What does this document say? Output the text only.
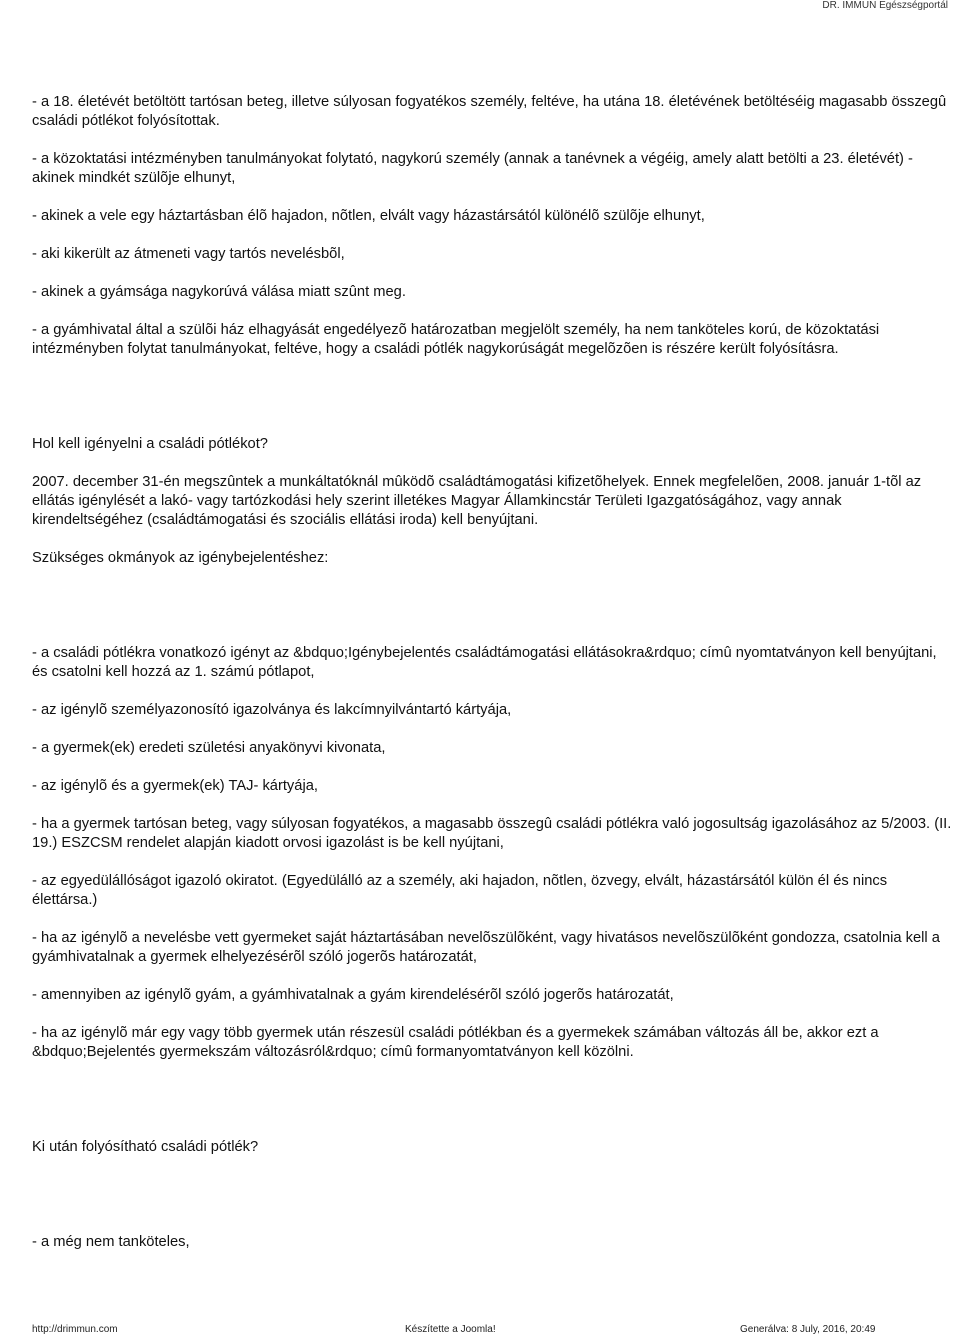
DR. IMMUN Egészségportál

- a 18. életévét betöltött tartósan beteg, illetve súlyosan fogyatékos személy, feltéve, ha utána 18. életévének betöltéséig magasabb összegû családi pótlékot folyósítottak.

- a közoktatási intézményben tanulmányokat folytató, nagykorú személy (annak a tanévnek a végéig, amely alatt betölti a 23. életévét) - akinek mindkét szülõje elhunyt,

- akinek a vele egy háztartásban élõ hajadon, nõtlen, elvált vagy házastársától különélõ szülõje elhunyt,

- aki kikerült az átmeneti vagy tartós nevelésbõl,

- akinek a gyámsága nagykorúvá válása miatt szûnt meg.

- a gyámhivatal által a szülõi ház elhagyását engedélyezõ határozatban megjelölt személy, ha nem tanköteles korú, de közoktatási intézményben folytat tanulmányokat, feltéve, hogy a családi pótlék nagykorúságát megelõzõen is részére került folyósításra.

Hol kell igényelni a családi pótlékot?

2007. december 31-én megszûntek a munkáltatóknál mûködõ családtámogatási kifizetõhelyek. Ennek megfelelõen, 2008. január 1-tõl az ellátás igénylését a lakó- vagy tartózkodási hely szerint illetékes Magyar Államkincstár Területi Igazgatóságához, vagy annak kirendeltségéhez (családtámogatási és szociális ellátási iroda) kell benyújtani.

Szükséges okmányok az igénybejelentéshez:

- a családi pótlékra vonatkozó igényt az &bdquo;Igénybejelentés családtámogatási ellátásokra&rdquo; címû nyomtatványon kell benyújtani, és csatolni kell hozzá az 1. számú pótlapot,

- az igénylõ személyazonosító igazolványa és lakcímnyilvántartó kártyája,

- a gyermek(ek) eredeti születési anyakönyvi kivonata,

- az igénylõ és a gyermek(ek) TAJ- kártyája,

- ha a gyermek tartósan beteg, vagy súlyosan fogyatékos, a magasabb összegû családi pótlékra való jogosultság igazolásához az 5/2003. (II. 19.) ESZCSM rendelet alapján kiadott orvosi igazolást is be kell nyújtani,

- az egyedülállóságot igazoló okiratot. (Egyedülálló az a személy, aki hajadon, nõtlen, özvegy, elvált, házastársától külön él és nincs élettársa.)

- ha az igénylõ a nevelésbe vett gyermeket saját háztartásában nevelõszülõként, vagy hivatásos nevelõszülõként gondozza, csatolnia kell a gyámhivatalnak a gyermek elhelyezésérõl szóló jogerõs határozatát,

- amennyiben az igénylõ gyám, a gyámhivatalnak a gyám kirendelésérõl szóló jogerõs határozatát,

- ha az igénylõ már egy vagy több gyermek után részesül családi pótlékban és a gyermekek számában változás áll be, akkor ezt a &bdquo;Bejelentés gyermekszám változásról&rdquo; címû formanyomtatványon kell közölni.

Ki után folyósítható családi pótlék?

- a még nem tanköteles,

http://drimmun.com	Készítette a Joomla!	Generálva: 8 July, 2016, 20:49
